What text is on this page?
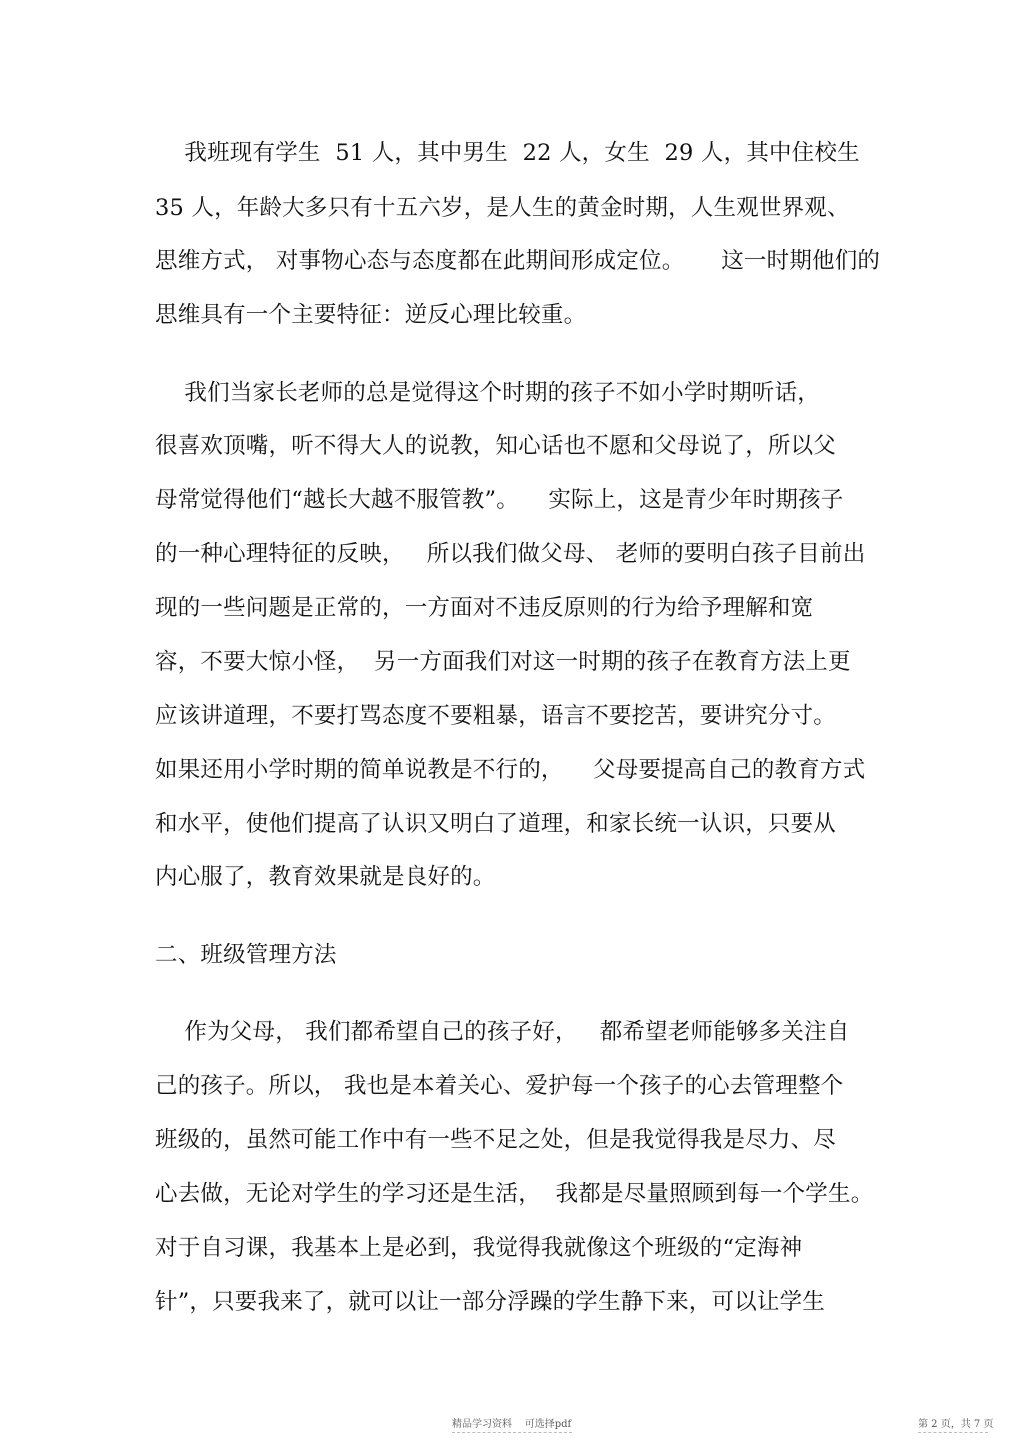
我班现有学生  51 人，其中男生  22 人，女生  29 人，其中住校生
35 人，年龄大多只有十五六岁，是人生的黄金时期，人生观世界观、
思维方式， 对事物心态与态度都在此期间形成定位。     这一时期他们的
思维具有一个主要特征：逆反心理比较重。
我们当家长老师的总是觉得这个时期的孩子不如小学时期听话，
很喜欢顶嘴，听不得大人的说教，知心话也不愿和父母说了，所以父
母常觉得他们“越长大越不服管教”。    实际上，这是青少年时期孩子
的一种心理特征的反映，   所以我们做父母、 老师的要明白孩子目前出
现的一些问题是正常的，一方面对不违反原则的行为给予理解和宽
容，不要大惊小怪，  另一方面我们对这一时期的孩子在教育方法上更
应该讲道理，不要打骂态度不要粗暴，语言不要挖苦，要讲究分寸。
如果还用小学时期的简单说教是不行的，    父母要提高自己的教育方式
和水平，使他们提高了认识又明白了道理，和家长统一认识，只要从
内心服了，教育效果就是良好的。
二、班级管理方法
作为父母， 我们都希望自己的孩子好，   都希望老师能够多关注自
己的孩子。所以， 我也是本着关心、爱护每一个孩子的心去管理整个
班级的，虽然可能工作中有一些不足之处，但是我觉得我是尽力、尽
心去做，无论对学生的学习还是生活，  我都是尽量照顾到每一个学生。
对于自习课，我基本上是必到，我觉得我就像这个班级的“定海神
针”，只要我来了，就可以让一部分浮躁的学生静下来，可以让学生
精品学习资料    可选择pdf	第 2 页，共 7 页
